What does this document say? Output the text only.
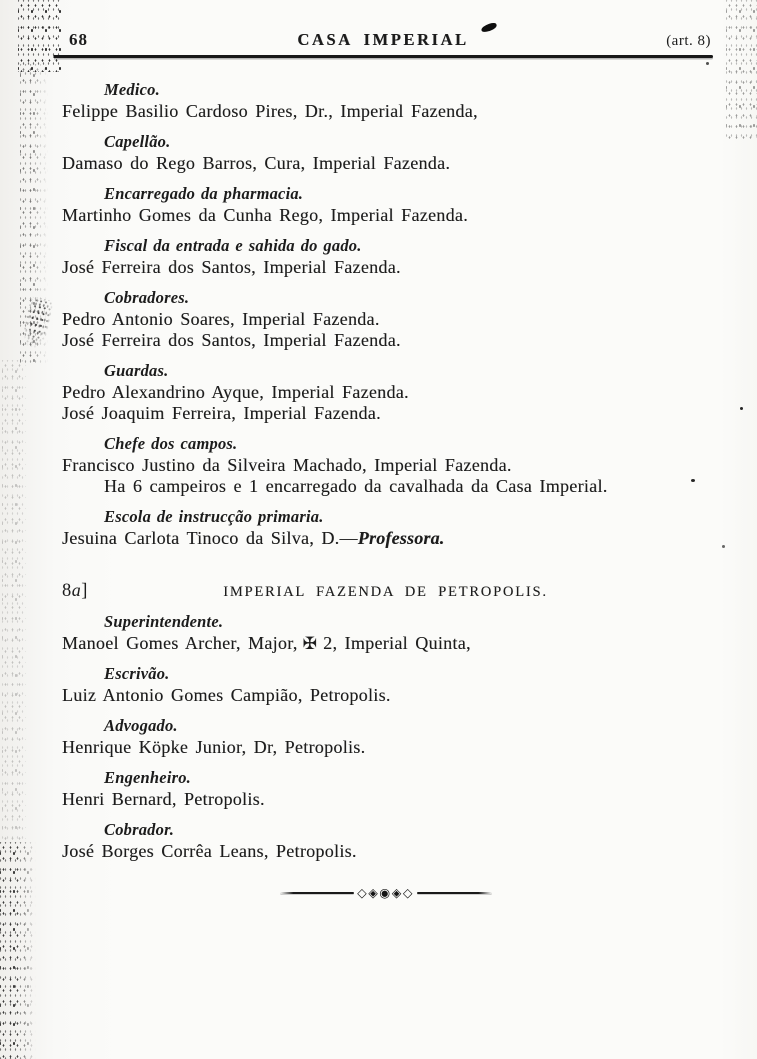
68	CASA IMPERIAL	(art. 8)
Medico.
Felippe Basilio Cardoso Pires, Dr., Imperial Fazenda,
Capellão.
Damaso do Rego Barros, Cura, Imperial Fazenda.
Encarregado da pharmacia.
Martinho Gomes da Cunha Rego, Imperial Fazenda.
Fiscal da entrada e sahida do gado.
José Ferreira dos Santos, Imperial Fazenda.
Cobradores.
Pedro Antonio Soares, Imperial Fazenda.
José Ferreira dos Santos, Imperial Fazenda.
Guardas.
Pedro Alexandrino Ayque, Imperial Fazenda.
José Joaquim Ferreira, Imperial Fazenda.
Chefe dos campos.
Francisco Justino da Silveira Machado, Imperial Fazenda.
Ha 6 campeiros e 1 encarregado da cavalhada da Casa Imperial.
Escola de instrucção primaria.
Jesuina Carlota Tinoco da Silva, D.—Professora.
8a]	IMPERIAL FAZENDA DE PETROPOLIS.
Superintendente.
Manoel Gomes Archer, Major, ✠ 2, Imperial Quinta,
Escrivão.
Luiz Antonio Gomes Campião, Petropolis.
Advogado.
Henrique Köpke Junior, Dr, Petropolis.
Engenheiro.
Henri Bernard, Petropolis.
Cobrador.
José Borges Corrêa Leans, Petropolis.
◇◈◉◈◇
